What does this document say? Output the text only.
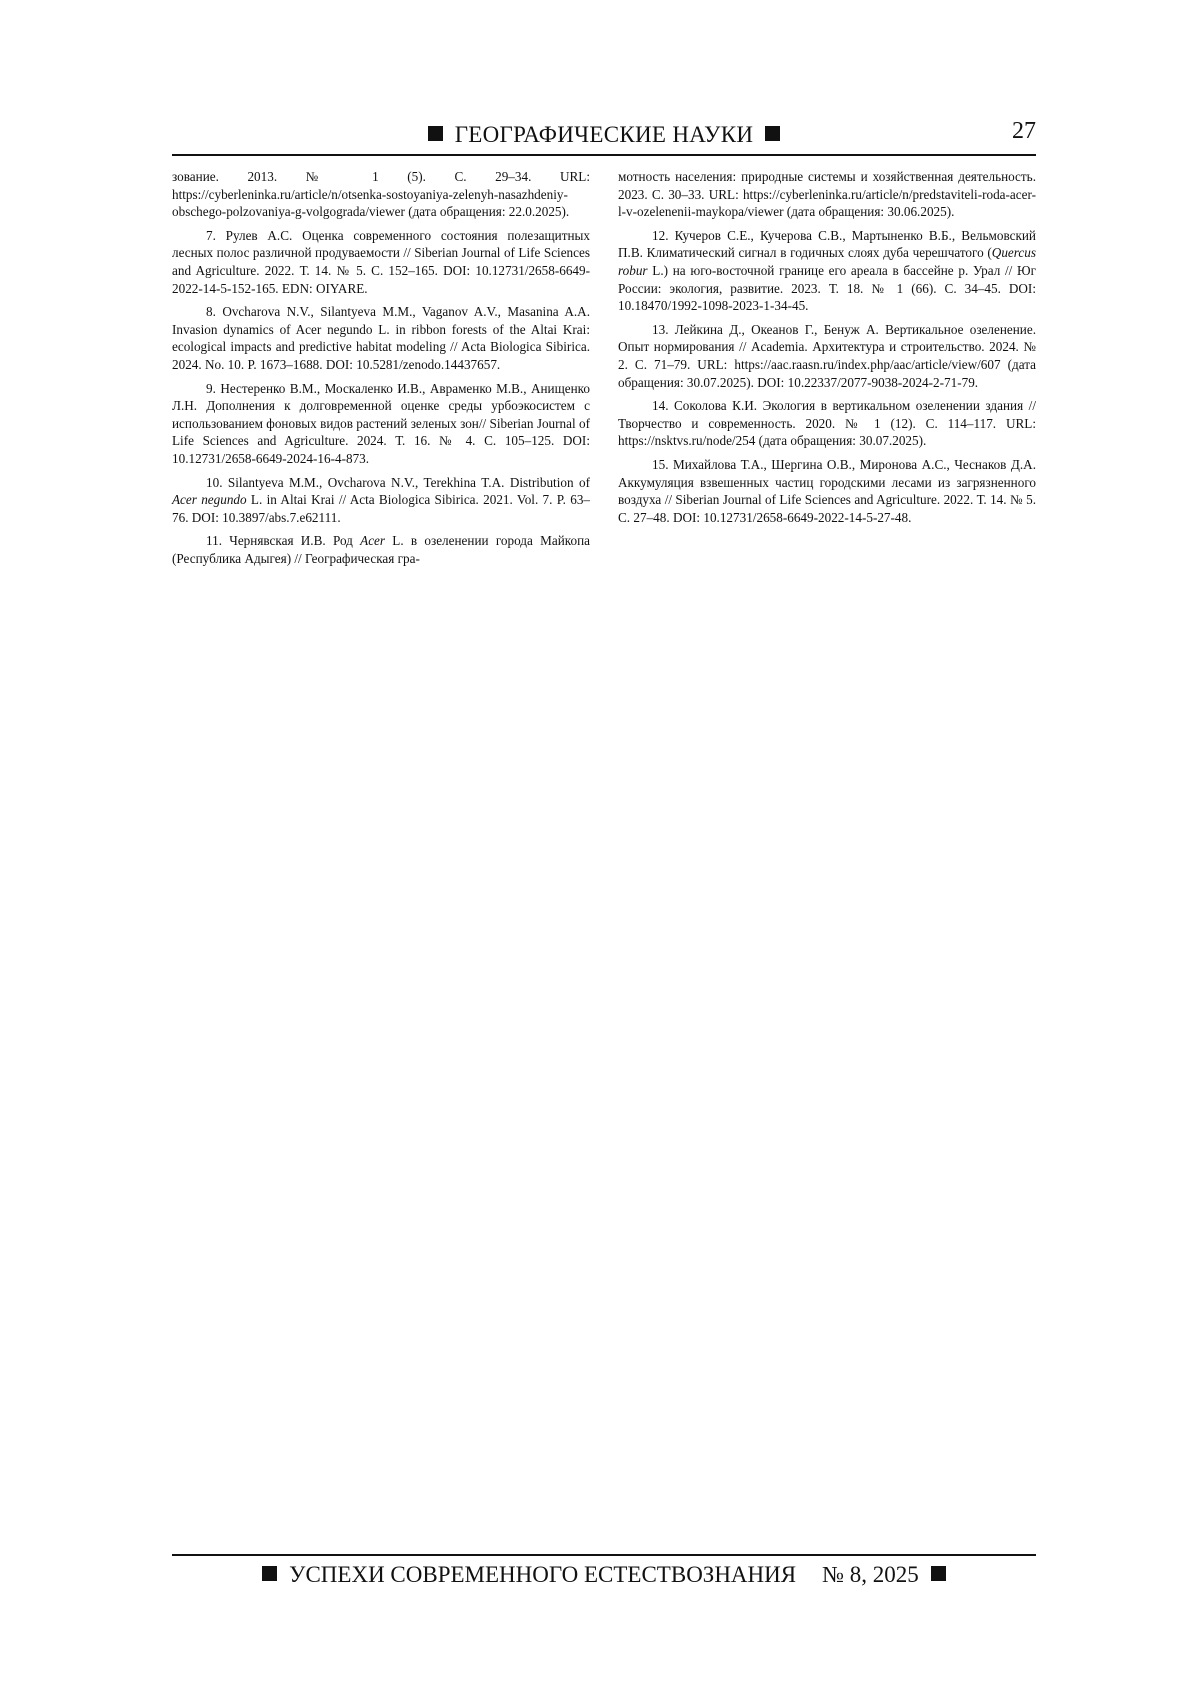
ГЕОГРАФИЧЕСКИЕ НАУКИ	27

зование. 2013. № 1 (5). С. 29–34. URL: https://cyberleninka.ru/article/n/otsenka-sostoyaniya-zelenyh-nasazhdeniy-obschego-polzovaniya-g-volgograda/viewer (дата обращения: 22.0.2025).

7. Рулев А.С. Оценка современного состояния полезащитных лесных полос различной продуваемости // Siberian Journal of Life Sciences and Agriculture. 2022. Т. 14. № 5. С. 152–165. DOI: 10.12731/2658-6649-2022-14-5-152-165. EDN: OIYARE.

8. Ovcharova N.V., Silantyeva M.M., Vaganov A.V., Masanina A.A. Invasion dynamics of Acer negundo L. in ribbon forests of the Altai Krai: ecological impacts and predictive habitat modeling // Acta Biologica Sibirica. 2024. No. 10. P. 1673–1688. DOI: 10.5281/zenodo.14437657.

9. Нестеренко В.М., Москаленко И.В., Авраменко М.В., Анищенко Л.Н. Дополнения к долговременной оценке среды урбоэкосистем с использованием фоновых видов растений зеленых зон// Siberian Journal of Life Sciences and Agriculture. 2024. Т. 16. № 4. С. 105–125. DOI: 10.12731/2658-6649-2024-16-4-873.

10. Silantyeva M.M., Ovcharova N.V., Terekhina T.A. Distribution of Acer negundo L. in Altai Krai // Acta Biologica Sibirica. 2021. Vol. 7. P. 63–76. DOI: 10.3897/abs.7.e62111.

11. Чернявская И.В. Род Acer L. в озеленении города Майкопа (Республика Адыгея) // Географическая гра-

мотность населения: природные системы и хозяйственная деятельность. 2023. С. 30–33. URL: https://cyberleninka.ru/article/n/predstaviteli-roda-acer-l-v-ozelenenii-maykopa/viewer (дата обращения: 30.06.2025).

12. Кучеров С.Е., Кучерова С.В., Мартыненко В.Б., Вельмовский П.В. Климатический сигнал в годичных слоях дуба черешчатого (Quercus robur L.) на юго-восточной границе его ареала в бассейне р. Урал // Юг России: экология, развитие. 2023. Т. 18. № 1 (66). С. 34–45. DOI: 10.18470/1992-1098-2023-1-34-45.

13. Лейкина Д., Океанов Г., Бенуж А. Вертикальное озеленение. Опыт нормирования // Academia. Архитектура и строительство. 2024. № 2. С. 71–79. URL: https://aac.raasn.ru/index.php/aac/article/view/607 (дата обращения: 30.07.2025). DOI: 10.22337/2077-9038-2024-2-71-79.

14. Соколова К.И. Экология в вертикальном озеленении здания // Творчество и современность. 2020. № 1 (12). С. 114–117. URL: https://nsktvs.ru/node/254 (дата обращения: 30.07.2025).

15. Михайлова Т.А., Шергина О.В., Миронова А.С., Чеснаков Д.А. Аккумуляция взвешенных частиц городскими лесами из загрязненного воздуха // Siberian Journal of Life Sciences and Agriculture. 2022. Т. 14. № 5. С. 27–48. DOI: 10.12731/2658-6649-2022-14-5-27-48.

УСПЕХИ СОВРЕМЕННОГО ЕСТЕСТВОЗНАНИЯ № 8, 2025
